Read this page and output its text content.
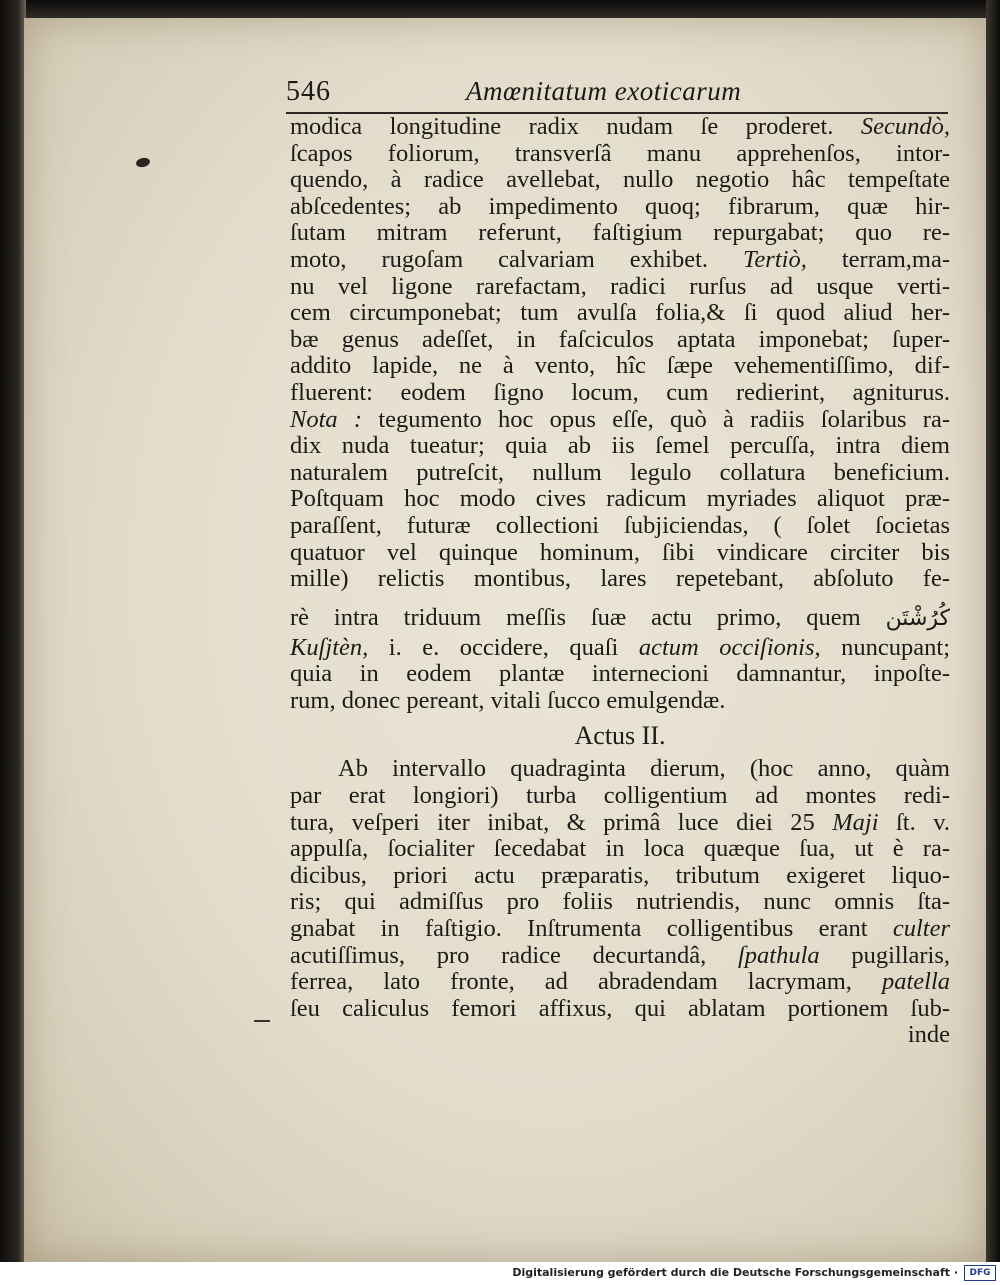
546	Amœnitatum exoticarum
modica longitudine radix nudam ſe proderet. Secundò,
ſcapos foliorum, transverſâ manu apprehenſos, intor-
quendo, à radice avellebat, nullo negotio hâc tempeſtate
abſcedentes; ab impedimento quoq; fibrarum, quæ hir-
ſutam mitram referunt, faſtigium repurgabat; quo re-
moto, rugoſam calvariam exhibet. Tertiò, terram,ma-
nu vel ligone rarefactam, radici rurſus ad usque verti-
cem circumponebat; tum avulſa folia,& ſi quod aliud her-
bæ genus adeſſet, in faſciculos aptata imponebat; ſuper-
addito lapide, ne à vento, hîc ſæpe vehementiſſimo, dif-
fluerent: eodem ſigno locum, cum redierint, agniturus.
Nota : tegumento hoc opus eſſe, quò à radiis ſolaribus ra-
dix nuda tueatur; quia ab iis ſemel percuſſa, intra diem
naturalem putreſcit, nullum legulo collatura beneficium.
Poſtquam hoc modo cives radicum myriades aliquot præ-
paraſſent, futuræ collectioni ſubjiciendas, ( ſolet ſocietas
quatuor vel quinque hominum, ſibi vindicare circiter bis
mille) relictis montibus, lares repetebant, abſoluto fe-
rè intra triduum meſſis ſuæ actu primo, quem كُرُشْتَن
Kuſjtèn, i. e. occidere, quaſi actum occiſionis, nuncupant;
quia in eodem plantæ internecioni damnantur, inpoſte-
rum, donec pereant, vitali ſucco emulgendæ.
Actus II.
Ab intervallo quadraginta dierum, (hoc anno, quàm
par erat longiori) turba colligentium ad montes redi-
tura, veſperi iter inibat, & primâ luce diei 25 Maji ſt. v.
appulſa, ſocialiter ſecedabat in loca quæque ſua, ut è ra-
dicibus, priori actu præparatis, tributum exigeret liquo-
ris; qui admiſſus pro foliis nutriendis, nunc omnis ſta-
gnabat in faſtigio. Inſtrumenta colligentibus erant culter
acutiſſimus, pro radice decurtandâ, ſpathula pugillaris,
ferrea, lato fronte, ad abradendam lacrymam, patella
ſeu caliculus femori affixus, qui ablatam portionem ſub-
inde
Digitalisierung gefördert durch die Deutsche Forschungsgemeinschaft ·	DFG
